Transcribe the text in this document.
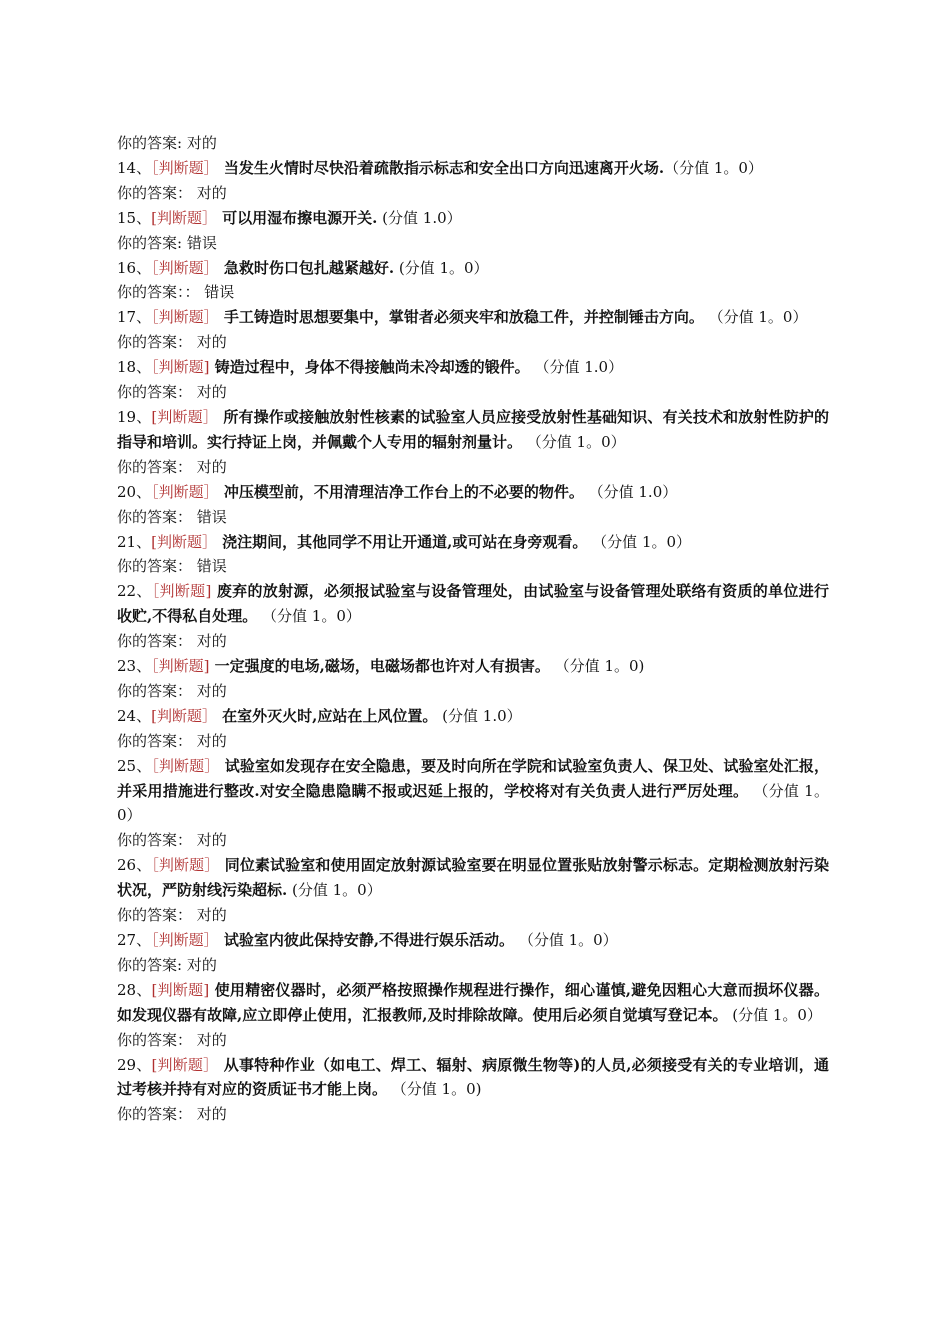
你的答案: 对的
14、［判断题］ 当发生火情时尽快沿着疏散指示标志和安全出口方向迅速离开火场.（分值 1。0）
你的答案： 对的
15、[判断题］ 可以用湿布擦电源开关. (分值 1.0）
你的答案: 错误
16、［判断题］ 急救时伤口包扎越紧越好. (分值 1。0）
你的答案：： 错误
17、［判断题］ 手工铸造时思想要集中，掌钳者必须夹牢和放稳工件，并控制锤击方向。 （分值 1。0）
你的答案： 对的
18、［判断题] 铸造过程中，身体不得接触尚未冷却透的锻件。 （分值 1.0）
你的答案： 对的
19、[判断题］ 所有操作或接触放射性核素的试验室人员应接受放射性基础知识、有关技术和放射性防护的指导和培训。实行持证上岗，并佩戴个人专用的辐射剂量计。 （分值 1。0）
你的答案： 对的
20、［判断题］ 冲压模型前，不用清理洁净工作台上的不必要的物件。 （分值 1.0）
你的答案： 错误
21、[判断题］ 浇注期间，其他同学不用让开通道,或可站在身旁观看。 （分值 1。0）
你的答案： 错误
22、［判断题] 废弃的放射源，必须报试验室与设备管理处，由试验室与设备管理处联络有资质的单位进行收贮,不得私自处理。 （分值 1。0）
你的答案： 对的
23、［判断题] 一定强度的电场,磁场，电磁场都也许对人有损害。 （分值 1。0)
你的答案： 对的
24、[判断题］ 在室外灭火时,应站在上风位置。 (分值 1.0）
你的答案： 对的
25、［判断题］ 试验室如发现存在安全隐患，要及时向所在学院和试验室负责人、保卫处、试验室处汇报，并采用措施进行整改.对安全隐患隐瞒不报或迟延上报的，学校将对有关负责人进行严厉处理。 （分值 1。0）
你的答案： 对的
26、［判断题］ 同位素试验室和使用固定放射源试验室要在明显位置张贴放射警示标志。定期检测放射污染状况，严防射线污染超标. (分值 1。0）
你的答案： 对的
27、［判断题］ 试验室内彼此保持安静,不得进行娱乐活动。 （分值 1。0）
你的答案: 对的
28、[判断题] 使用精密仪器时，必须严格按照操作规程进行操作，细心谨慎,避免因粗心大意而损坏仪器。如发现仪器有故障,应立即停止使用，汇报教师,及时排除故障。使用后必须自觉填写登记本。 (分值 1。0）
你的答案： 对的
29、[判断题］ 从事特种作业（如电工、焊工、辐射、病原微生物等)的人员,必须接受有关的专业培训，通过考核并持有对应的资质证书才能上岗。 （分值 1。0)
你的答案： 对的
